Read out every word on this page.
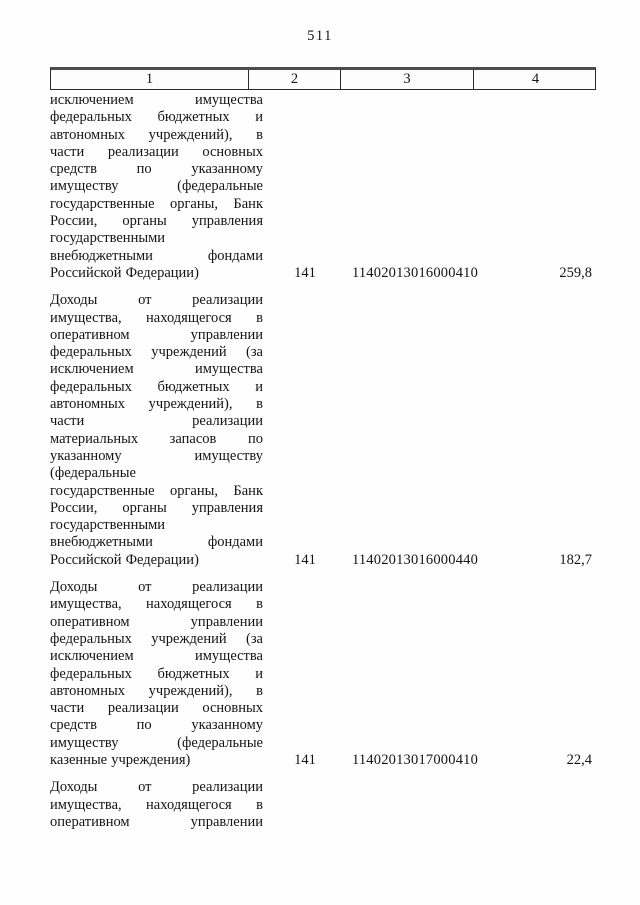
511
1	2	3	4
исключением имущества
федеральных бюджетных и
автономных учреждений), в
части реализации основных
средств по указанному
имуществу (федеральные
государственные органы, Банк
России, органы управления
государственными
внебюджетными фондами
Российской Федерации)	141	11402013016000410	259,8
Доходы от реализации
имущества, находящегося в
оперативном управлении
федеральных учреждений (за
исключением имущества
федеральных бюджетных и
автономных учреждений), в
части реализации
материальных запасов по
указанному имуществу
(федеральные
государственные органы, Банк
России, органы управления
государственными
внебюджетными фондами
Российской Федерации)	141	11402013016000440	182,7
Доходы от реализации
имущества, находящегося в
оперативном управлении
федеральных учреждений (за
исключением имущества
федеральных бюджетных и
автономных учреждений), в
части реализации основных
средств по указанному
имуществу (федеральные
казенные учреждения)	141	11402013017000410	22,4
Доходы от реализации
имущества, находящегося в
оперативном управлении
